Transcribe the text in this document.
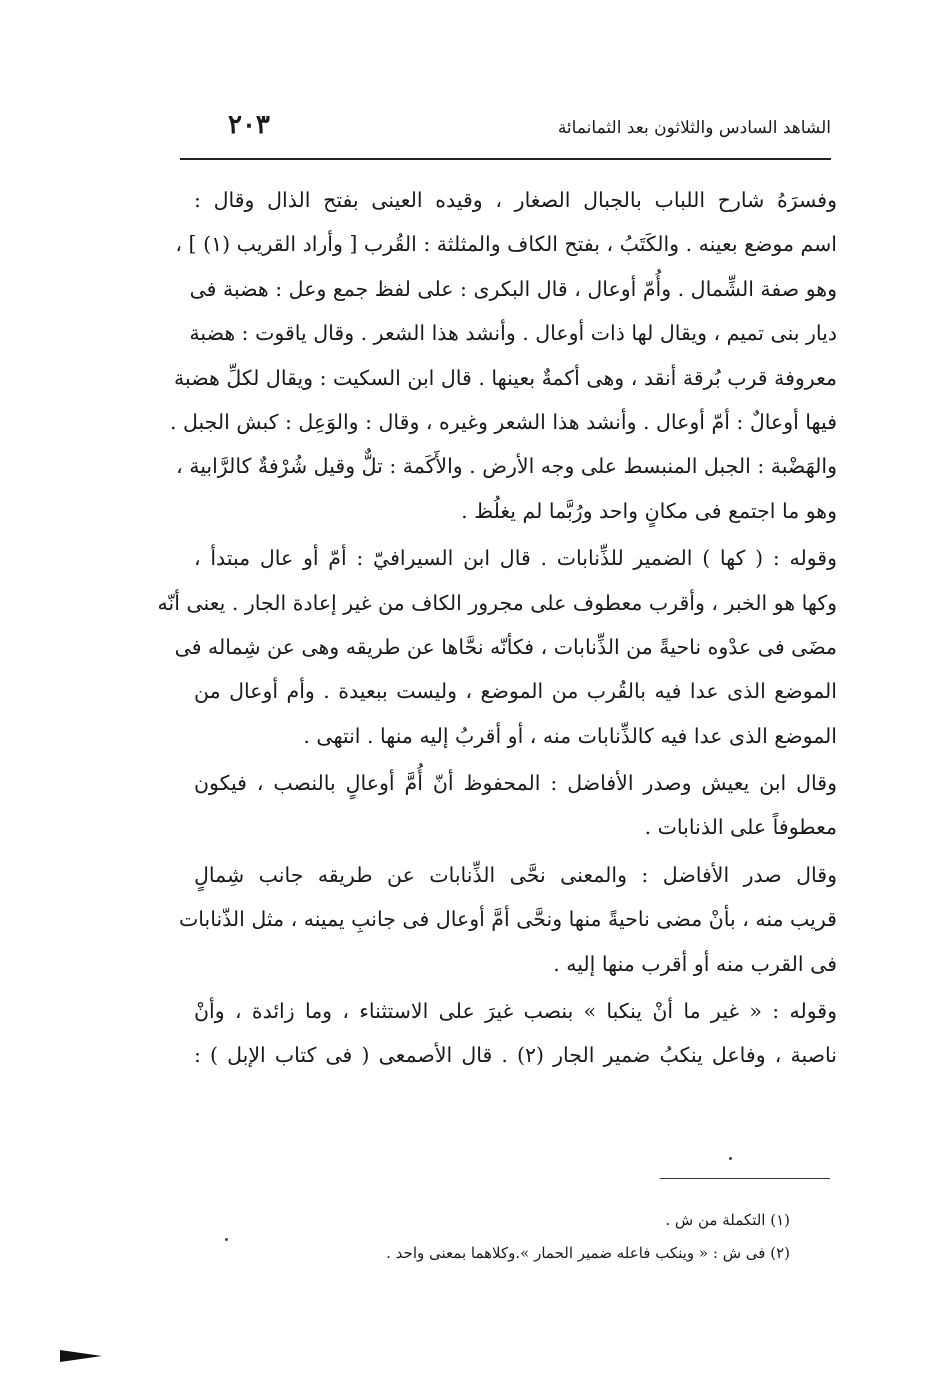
الشاهد السادس والثلاثون بعد الثمانمائة
٢٠٣
وفسرَهُ شارح اللباب بالجبال الصغار ، وقيده العينى بفتح الذال وقال :
اسم موضع بعينه . والكَتَبُ ، بفتح الكاف والمثلثة : القُرب [ وأراد القريب (١) ] ،
وهو صفة الشِّمال . وأُمّ أوعال ، قال البكرى : على لفظ جمع وعل : هضبة فى
ديار بنى تميم ، ويقال لها ذات أوعال . وأنشد هذا الشعر . وقال ياقوت : هضبة
معروفة قرب بُرقة أنقد ، وهى أكمةٌ بعينها . قال ابن السكيت : ويقال لكلِّ هضبة
فيها أوعالٌ : أمّ أوعال . وأنشد هذا الشعر وغيره ، وقال : والوَعِل : كبش الجبل .
والهَضْبة : الجبل المنبسط على وجه الأرض . والأَكَمة : تلٌّ وقيل شُرْفةٌ كالرَّابية ،
وهو ما اجتمع فى مكانٍ واحد ورُبَّما لم يغلُظ .
وقوله : ( كها ) الضمير للذِّنابات . قال ابن السيرافيّ : أمّ أو عال مبتدأ ،
وكها هو الخبر ، وأقرب معطوف على مجرور الكاف من غير إعادة الجار . يعنى أنّه
مضَى فى عدْوه ناحيةً من الذِّنابات ، فكأنّه نحَّاها عن طريقه وهى عن شِماله فى
الموضع الذى عدا فيه بالقُرب من الموضع ، وليست ببعيدة . وأم أوعال من
الموضع الذى عدا فيه كالذِّنابات منه ، أو أقربُ إليه منها . انتهى .
وقال ابن يعيش وصدر الأفاضل : المحفوظ أنّ أُمَّ أوعالٍ بالنصب ، فيكون
معطوفاً على الذنابات .
وقال صدر الأفاضل : والمعنى نحَّى الذِّنابات عن طريقه جانب شِمالٍ
قريب منه ، بأنْ مضى ناحيةً منها ونحَّى أمَّ أوعال فى جانبِ يمينه ، مثل الذّنابات
فى القرب منه أو أقرب منها إليه .
وقوله : « غير ما أنْ ينكبا » بنصب غيرَ على الاستثناء ، وما زائدة ، وأنْ
ناصبة ، وفاعل ينكبُ ضمير الجار (٢) . قال الأصمعى ( فى كتاب الإبل ) :
(١) التكملة من ش .
(٢) فى ش : « وينكب فاعله ضمير الحمار ».وكلاهما بمعنى واحد .
